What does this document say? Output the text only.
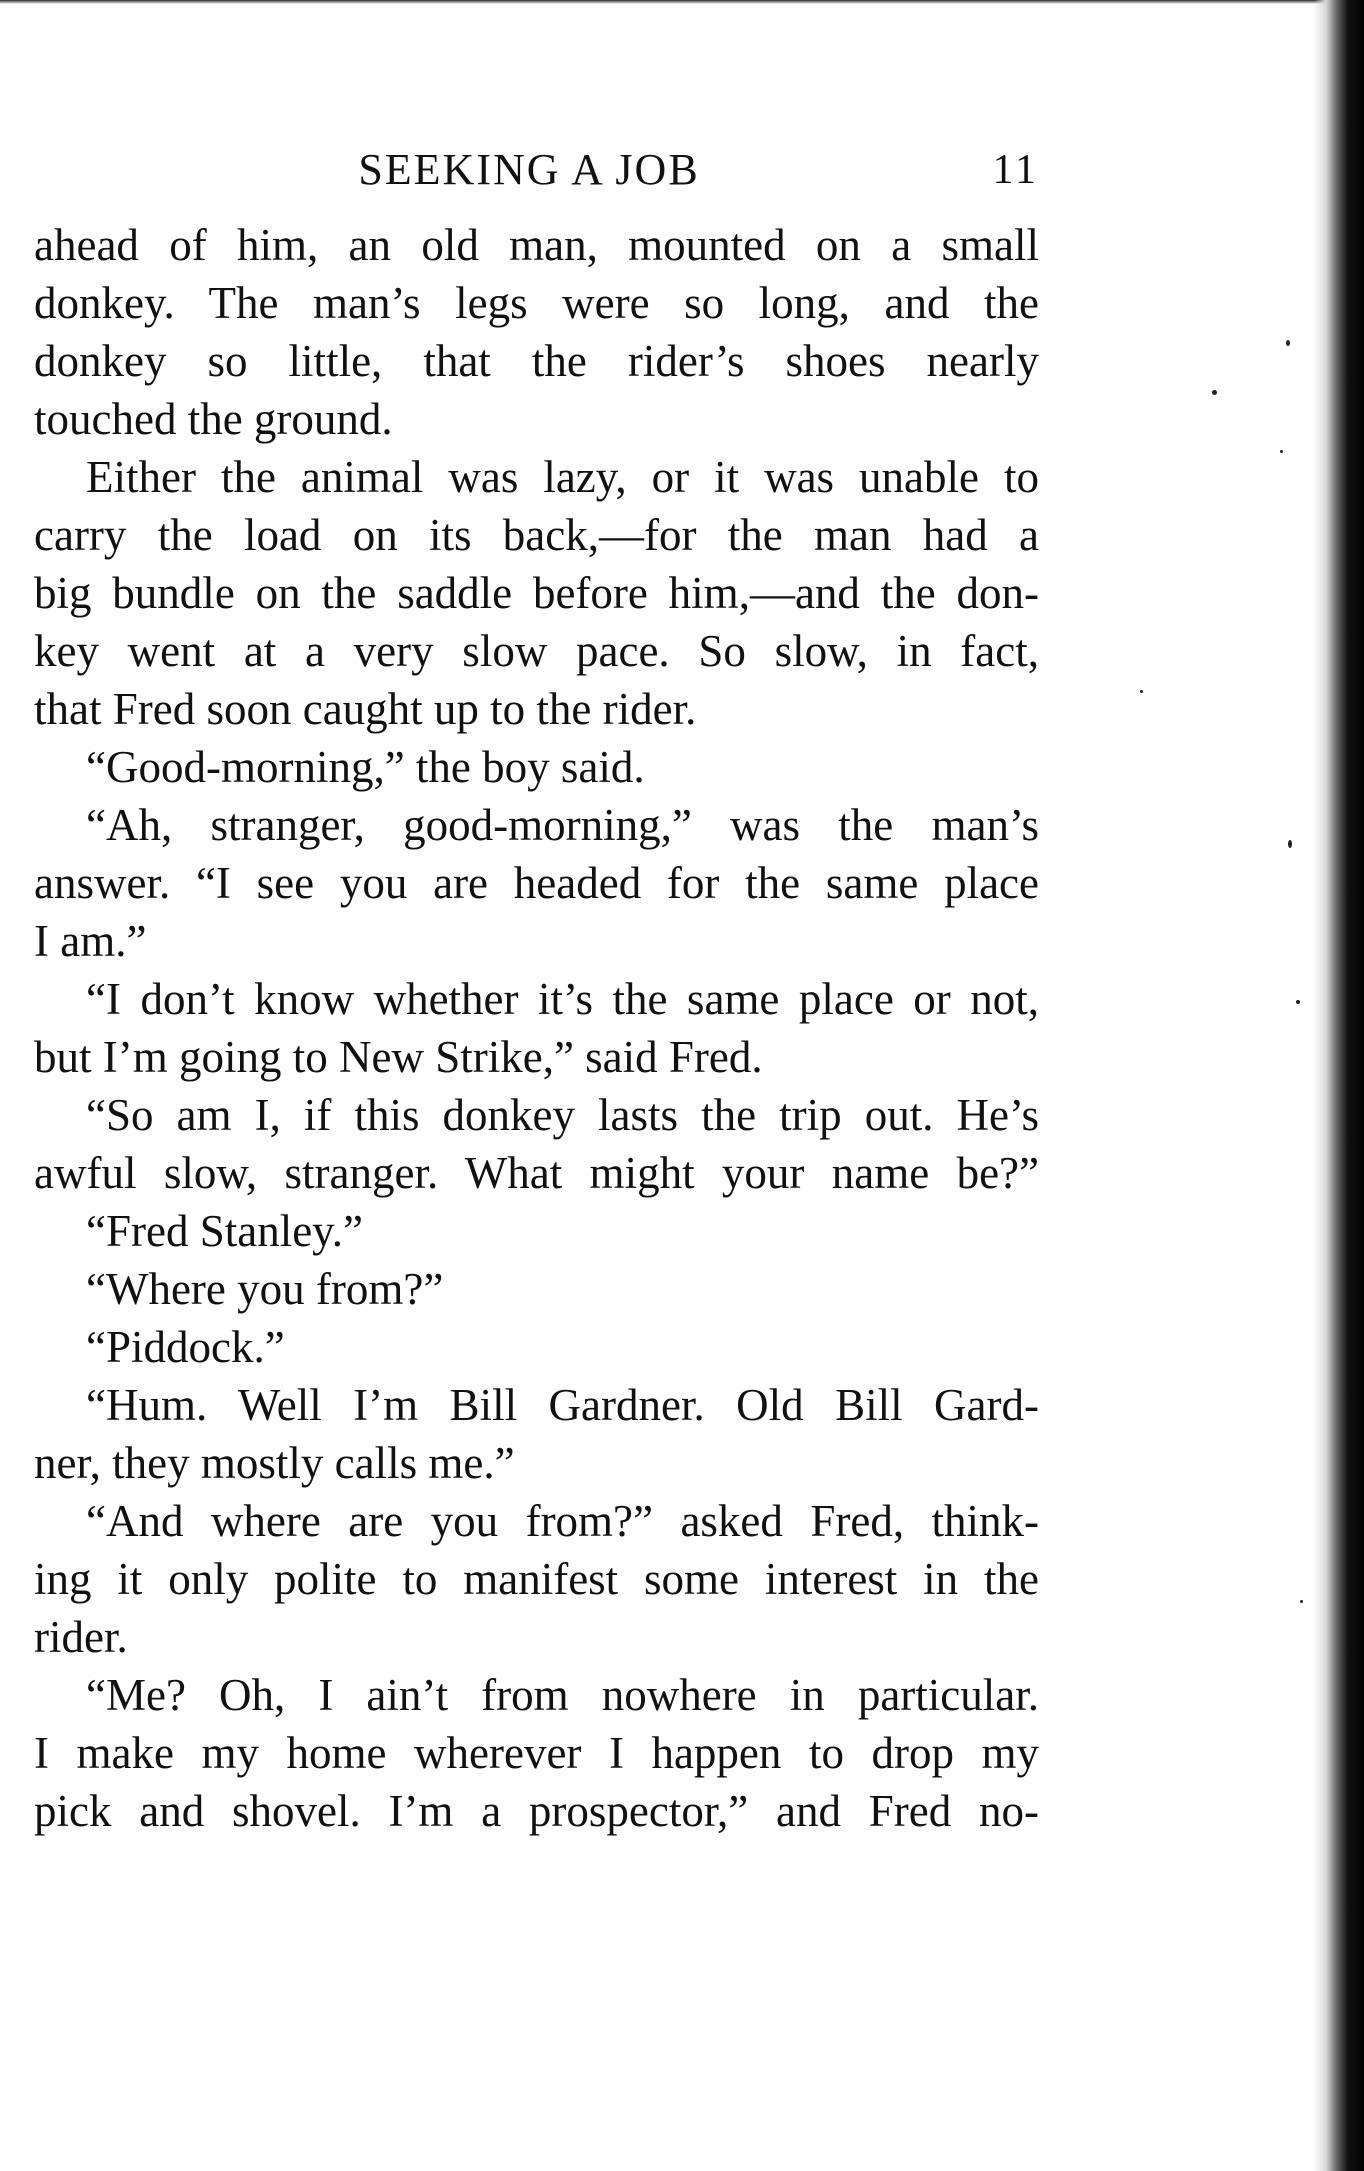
SEEKING A JOB	11
ahead of him, an old man, mounted on a small
donkey. The man’s legs were so long, and the
donkey so little, that the rider’s shoes nearly
touched the ground.
Either the animal was lazy, or it was unable to
carry the load on its back,—for the man had a
big bundle on the saddle before him,—and the don-
key went at a very slow pace. So slow, in fact,
that Fred soon caught up to the rider.
“Good-morning,” the boy said.
“Ah, stranger, good-morning,” was the man’s
answer. “I see you are headed for the same place
I am.”
“I don’t know whether it’s the same place or not,
but I’m going to New Strike,” said Fred.
“So am I, if this donkey lasts the trip out. He’s
awful slow, stranger. What might your name be?”
“Fred Stanley.”
“Where you from?”
“Piddock.”
“Hum. Well I’m Bill Gardner. Old Bill Gard-
ner, they mostly calls me.”
“And where are you from?” asked Fred, think-
ing it only polite to manifest some interest in the
rider.
“Me? Oh, I ain’t from nowhere in particular.
I make my home wherever I happen to drop my
pick and shovel. I’m a prospector,” and Fred no-
